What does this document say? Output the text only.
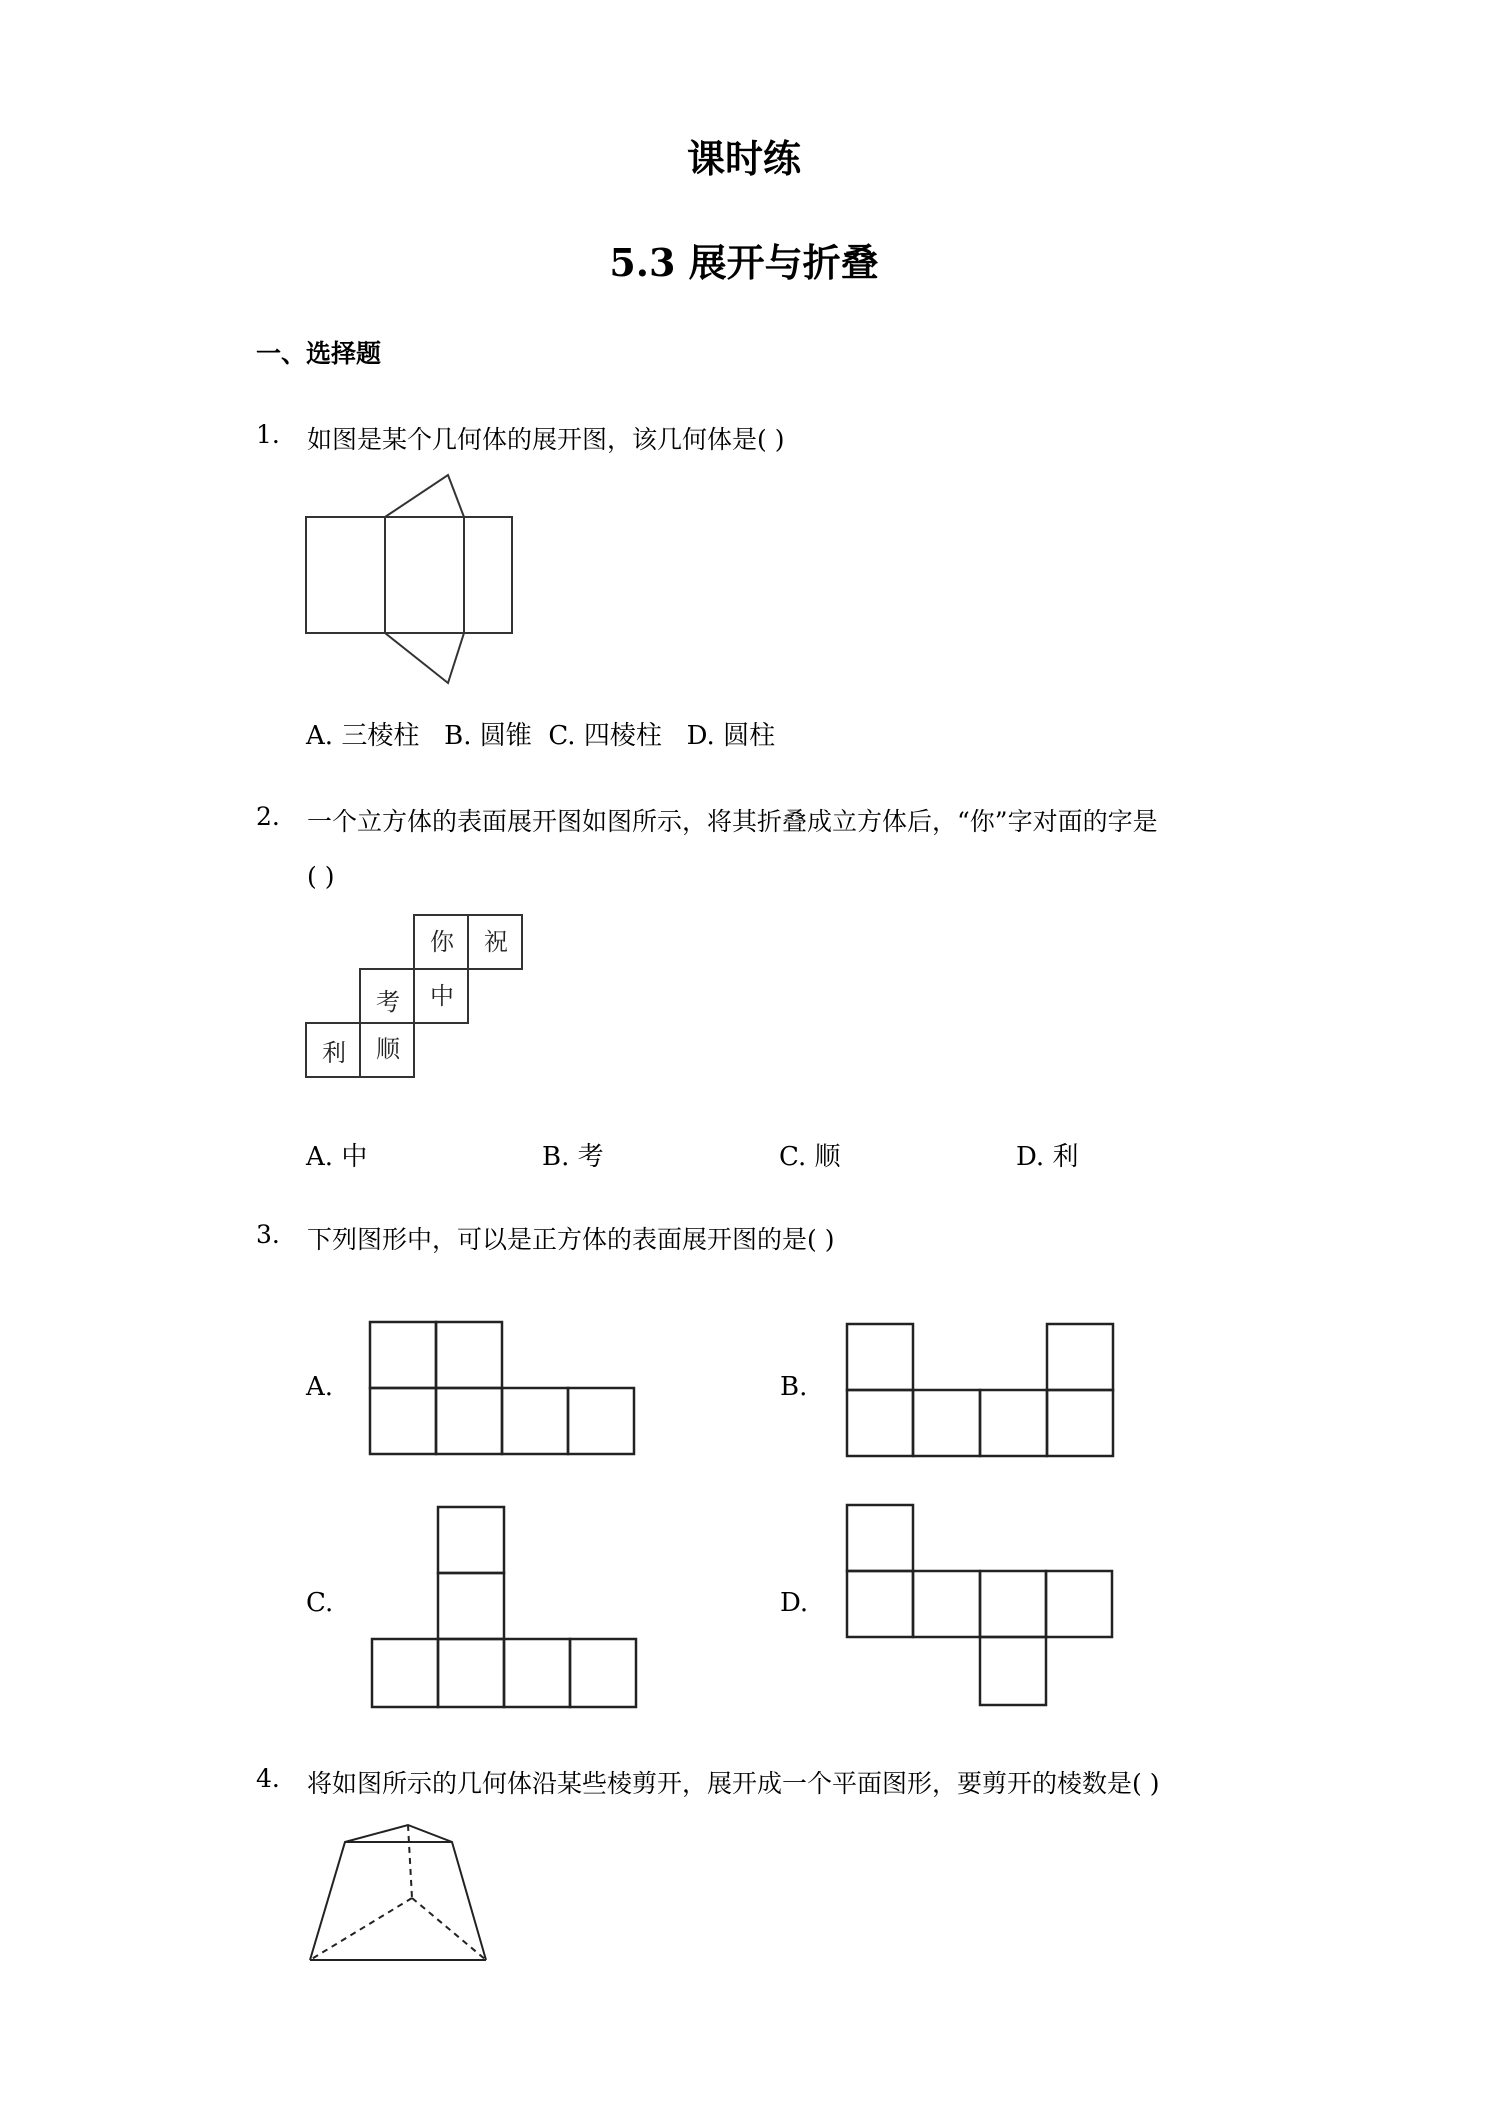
课时练
5.3 展开与折叠
一、选择题
1. 如图是某个几何体的展开图，该几何体是( )
A. 三棱柱 B. 圆锥 C. 四棱柱 D. 圆柱
2. 一个立方体的表面展开图如图所示，将其折叠成立方体后，“你”字对面的字是
( )
你 祝
考 中
利 顺
A. 中	B. 考	C. 顺	D. 利
3. 下列图形中，可以是正方体的表面展开图的是( )
A.	B.
C.	D.
4. 将如图所示的几何体沿某些棱剪开，展开成一个平面图形，要剪开的棱数是( )
